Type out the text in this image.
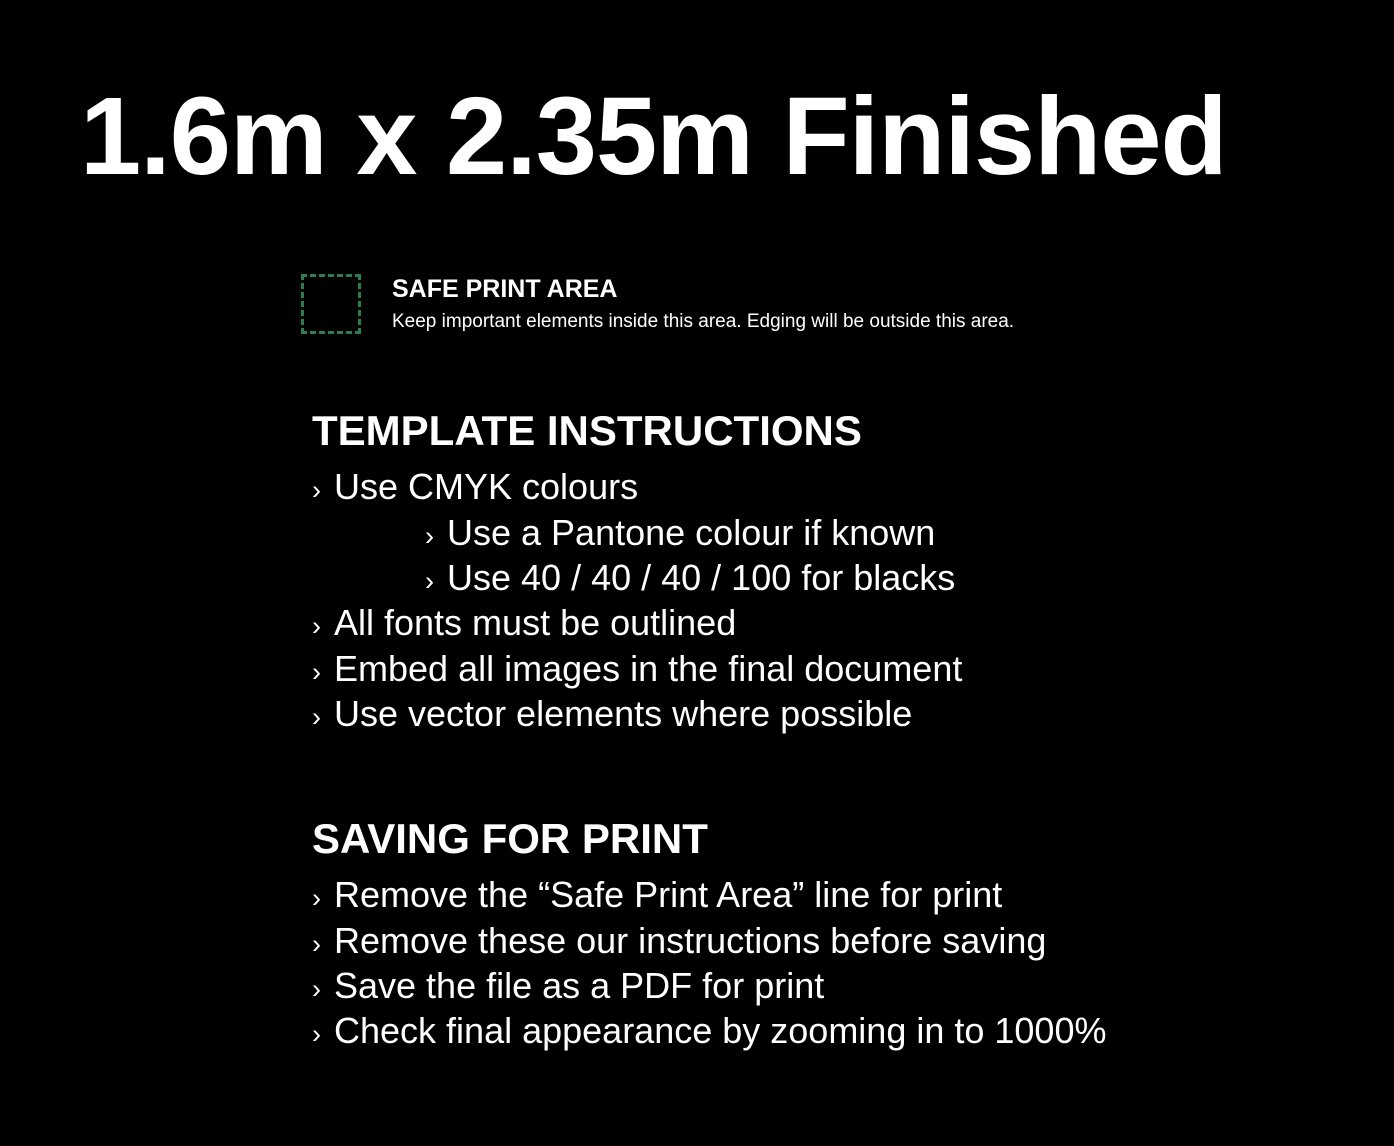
1.6m x 2.35m Finished
SAFE PRINT AREA
Keep important elements inside this area. Edging will be outside this area.
TEMPLATE INSTRUCTIONS
› Use CMYK colours
› Use a Pantone colour if known
› Use 40 / 40 / 40 / 100 for blacks
› All fonts must be outlined
› Embed all images in the final document
› Use vector elements where possible
SAVING FOR PRINT
› Remove the “Safe Print Area” line for print
› Remove these our instructions before saving
› Save the file as a PDF for print
› Check final appearance by zooming in to 1000%
